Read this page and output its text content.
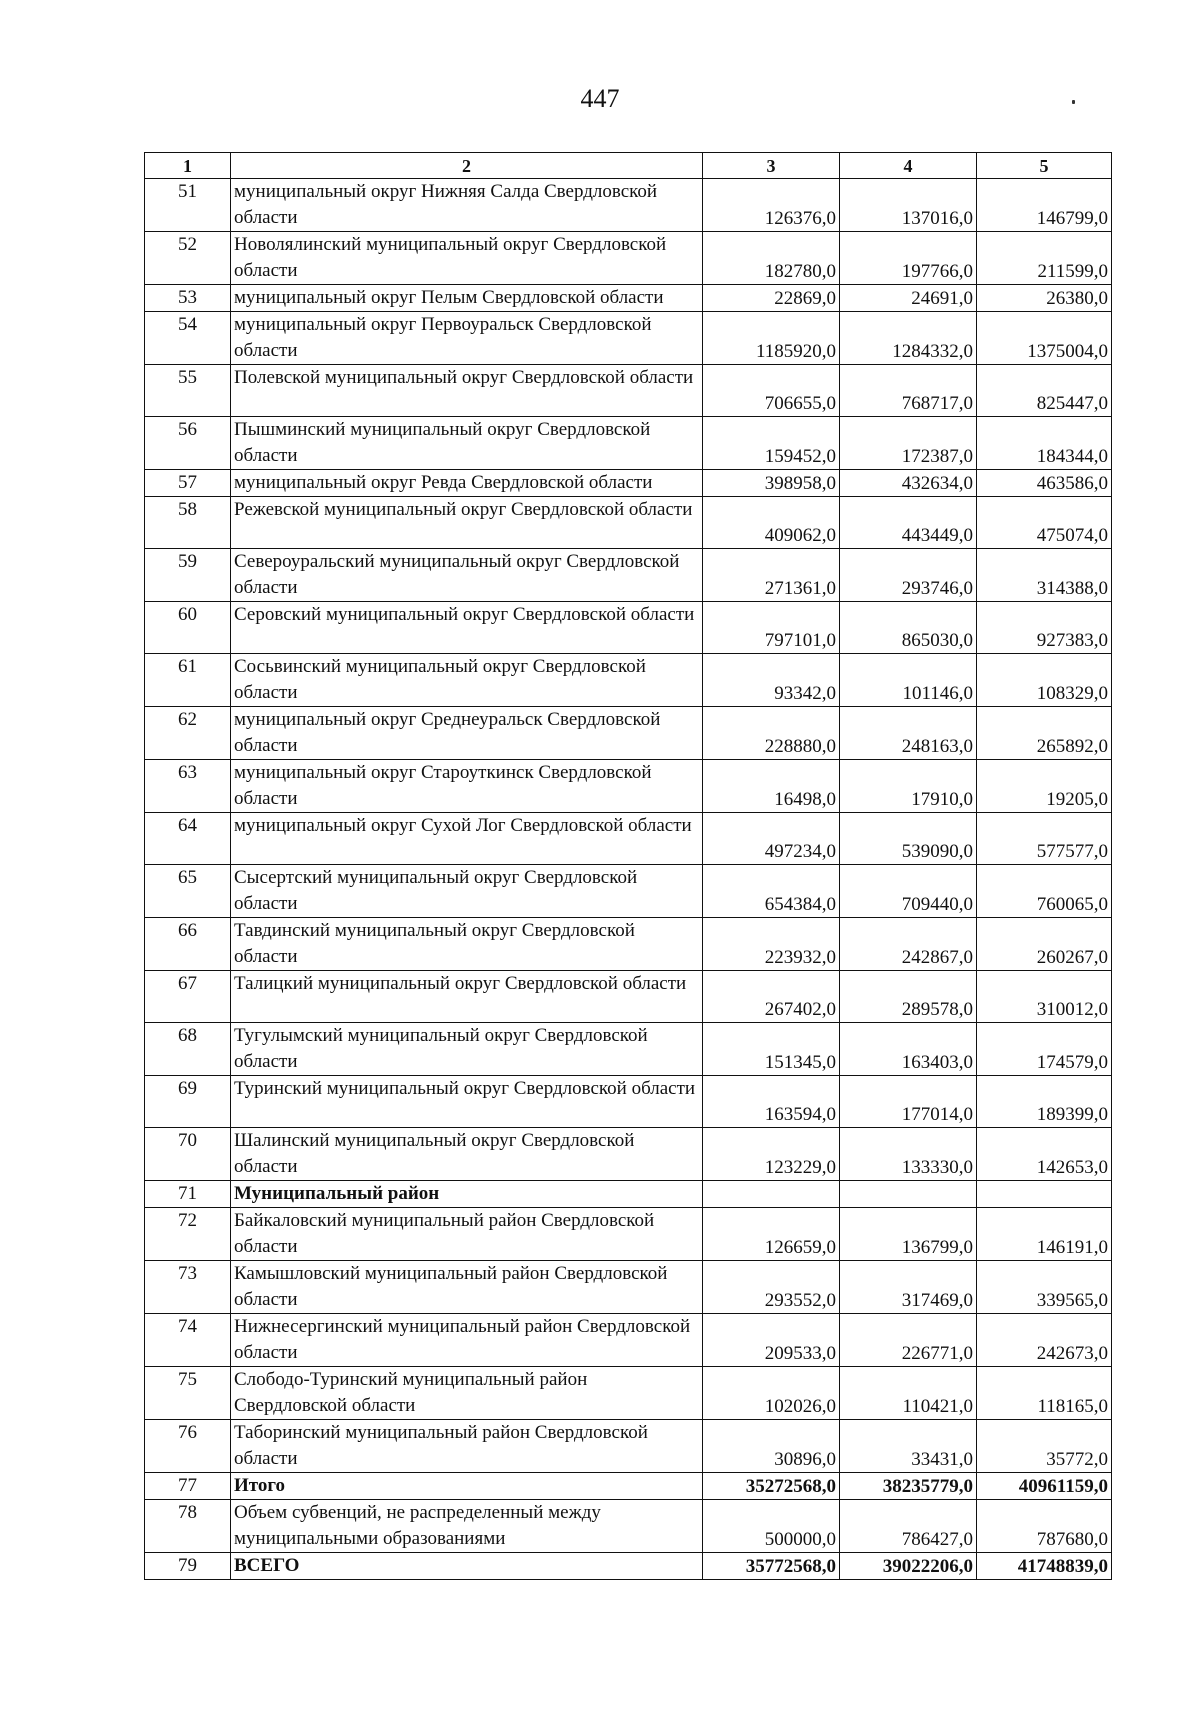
447
1	2	3	4	5
51	муниципальный округ Нижняя Салда Свердловской области	126376,0	137016,0	146799,0
52	Новолялинский муниципальный округ Свердловской области	182780,0	197766,0	211599,0
53	муниципальный округ Пелым Свердловской области	22869,0	24691,0	26380,0
54	муниципальный округ Первоуральск Свердловской области	1185920,0	1284332,0	1375004,0
55	Полевской муниципальный округ Свердловской области	706655,0	768717,0	825447,0
56	Пышминский муниципальный округ Свердловской области	159452,0	172387,0	184344,0
57	муниципальный округ Ревда Свердловской области	398958,0	432634,0	463586,0
58	Режевской муниципальный округ Свердловской области	409062,0	443449,0	475074,0
59	Североуральский муниципальный округ Свердловской области	271361,0	293746,0	314388,0
60	Серовский муниципальный округ Свердловской области	797101,0	865030,0	927383,0
61	Сосьвинский муниципальный округ Свердловской области	93342,0	101146,0	108329,0
62	муниципальный округ Среднеуральск Свердловской области	228880,0	248163,0	265892,0
63	муниципальный округ Староуткинск Свердловской области	16498,0	17910,0	19205,0
64	муниципальный округ Сухой Лог Свердловской области	497234,0	539090,0	577577,0
65	Сысертский муниципальный округ Свердловской области	654384,0	709440,0	760065,0
66	Тавдинский муниципальный округ Свердловской области	223932,0	242867,0	260267,0
67	Талицкий муниципальный округ Свердловской области	267402,0	289578,0	310012,0
68	Тугулымский муниципальный округ Свердловской области	151345,0	163403,0	174579,0
69	Туринский муниципальный округ Свердловской области	163594,0	177014,0	189399,0
70	Шалинский муниципальный округ Свердловской области	123229,0	133330,0	142653,0
71	Муниципальный район			
72	Байкаловский муниципальный район Свердловской области	126659,0	136799,0	146191,0
73	Камышловский муниципальный район Свердловской области	293552,0	317469,0	339565,0
74	Нижнесергинский муниципальный район Свердловской области	209533,0	226771,0	242673,0
75	Слободо-Туринский муниципальный район Свердловской области	102026,0	110421,0	118165,0
76	Таборинский муниципальный район Свердловской области	30896,0	33431,0	35772,0
77	Итого	35272568,0	38235779,0	40961159,0
78	Объем субвенций, не распределенный между муниципальными образованиями	500000,0	786427,0	787680,0
79	ВСЕГО	35772568,0	39022206,0	41748839,0
